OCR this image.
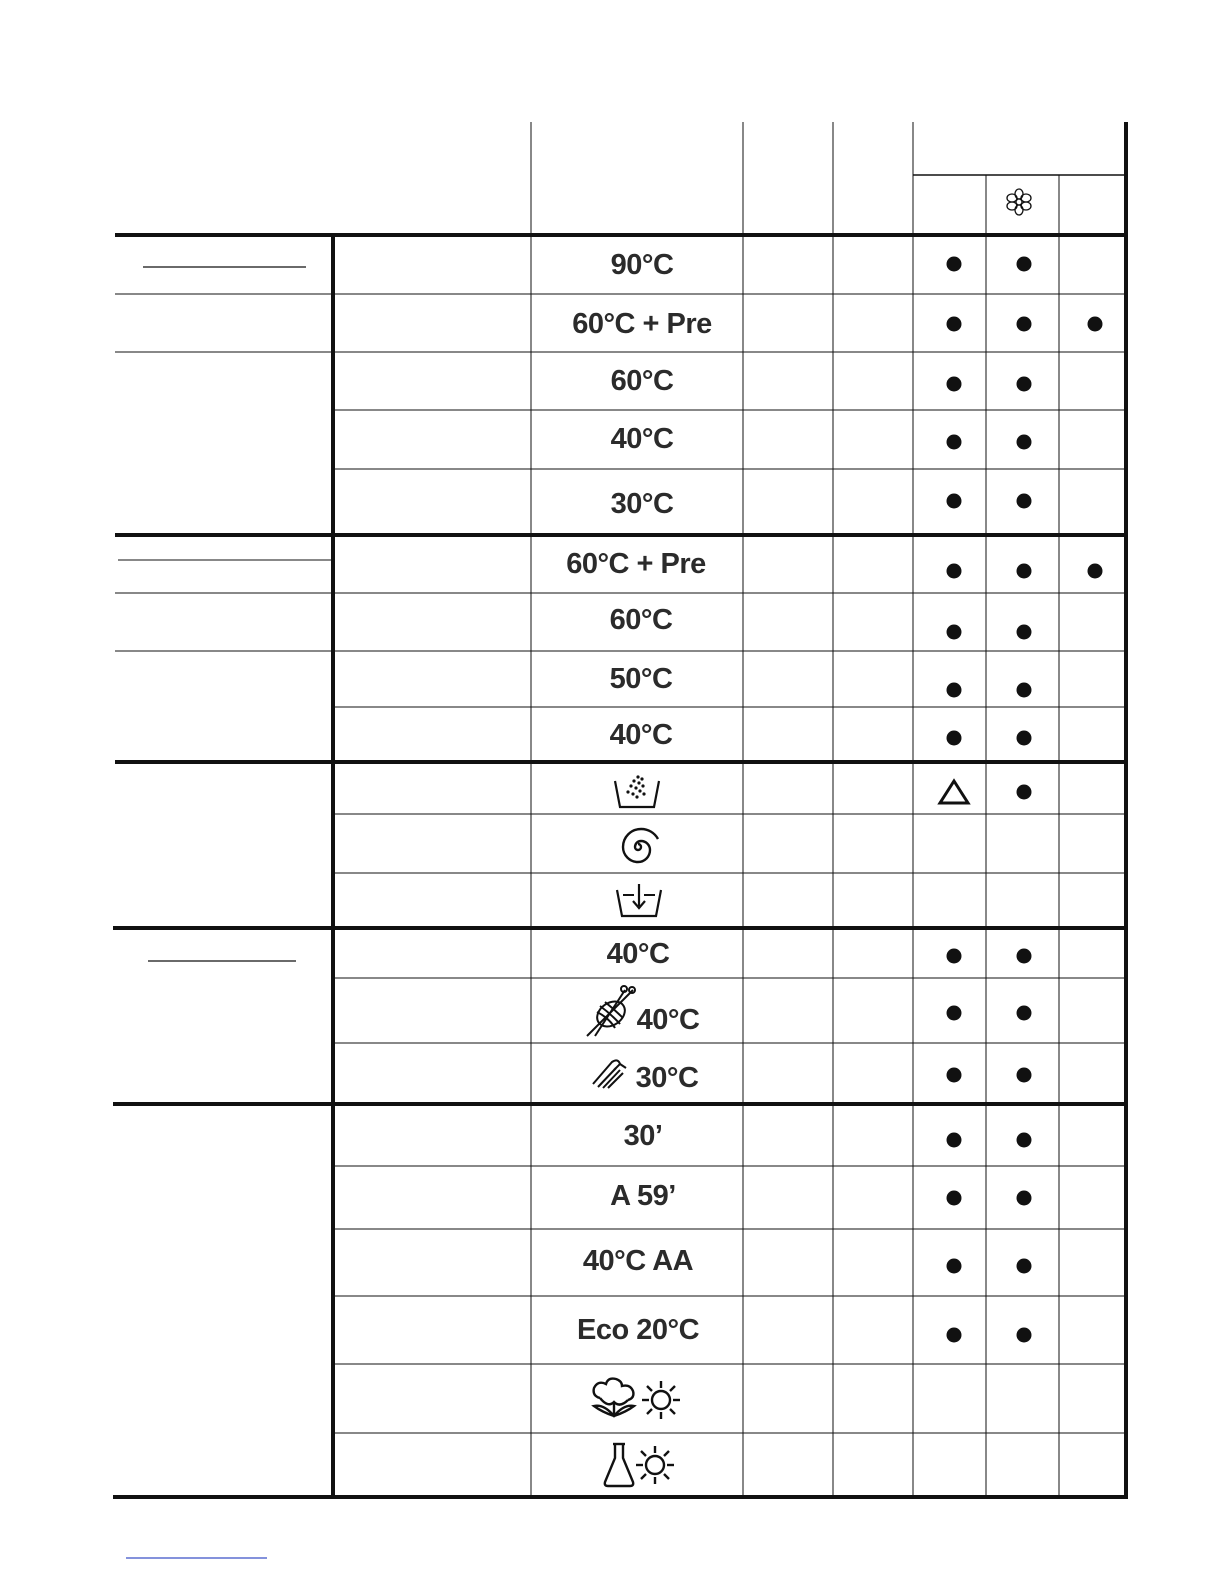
90°C
60°C + Pre
60°C
40°C
30°C
60°C + Pre
60°C
50°C
40°C
40°C
40°C
30°C
30’
A 59’
40°C AA
Eco 20°C
